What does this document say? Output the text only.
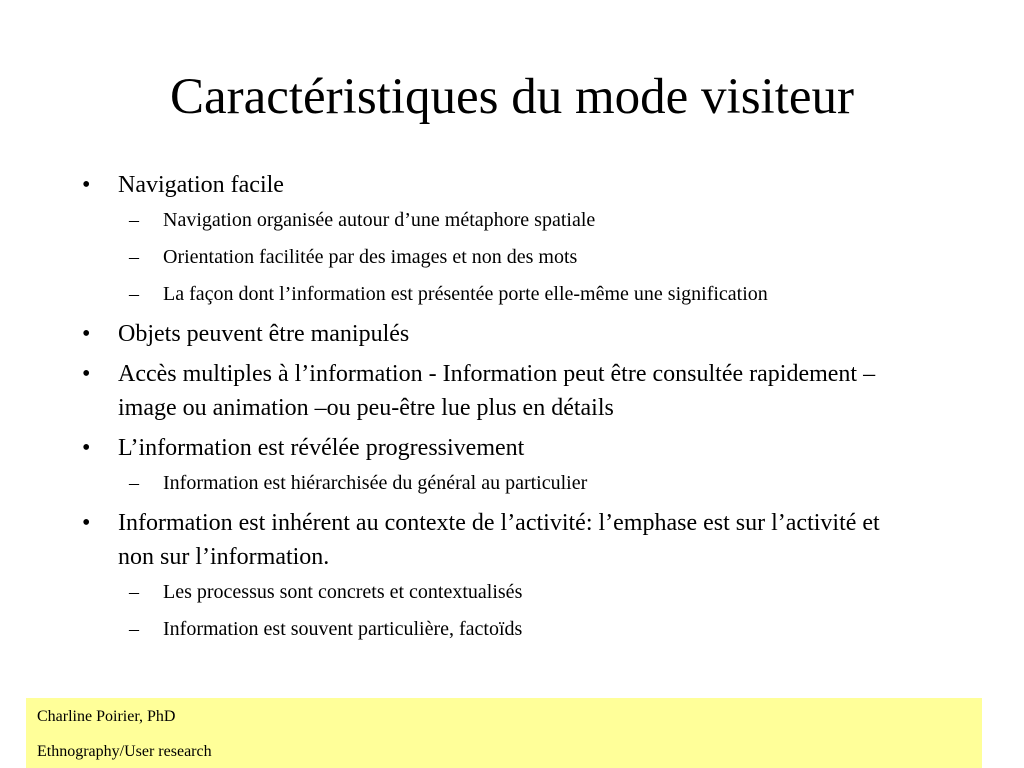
Caractéristiques du mode visiteur
• Navigation facile
– Navigation organisée autour d’une métaphore spatiale
– Orientation facilitée par des images et non des mots
– La façon dont l’information est présentée porte elle-même une signification
• Objets peuvent être manipulés
• Accès multiples à l’information - Information peut être consultée rapidement – image ou animation –ou peu-être lue plus en détails
• L’information est révélée progressivement
– Information est hiérarchisée du général au particulier
• Information est inhérent au contexte de l’activité: l’emphase est sur l’activité et non sur l’information.
– Les processus sont concrets et contextualisés
– Information est souvent particulière, factoïds
Charline Poirier, PhD
Ethnography/User research
